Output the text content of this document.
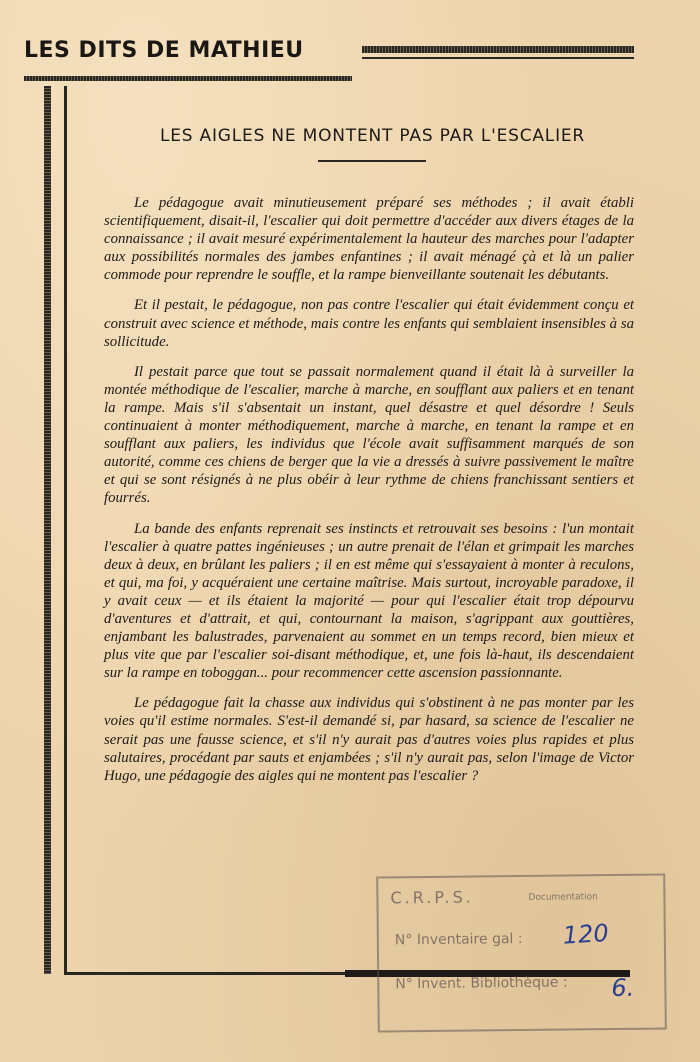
LES DITS DE MATHIEU
LES AIGLES NE MONTENT PAS PAR L'ESCALIER

Le pédagogue avait minutieusement préparé ses méthodes ; il avait établi scientifiquement, disait-il, l'escalier qui doit permettre d'accéder aux divers étages de la connaissance ; il avait mesuré expérimentalement la hauteur des marches pour l'adapter aux possibilités normales des jambes enfantines ; il avait ménagé çà et là un palier commode pour reprendre le souffle, et la rampe bienveillante soutenait les débutants.

Et il pestait, le pédagogue, non pas contre l'escalier qui était évidemment conçu et construit avec science et méthode, mais contre les enfants qui semblaient insensibles à sa sollicitude.

Il pestait parce que tout se passait normalement quand il était là à surveiller la montée méthodique de l'escalier, marche à marche, en soufflant aux paliers et en tenant la rampe. Mais s'il s'absentait un instant, quel désastre et quel désordre ! Seuls continuaient à monter méthodiquement, marche à marche, en tenant la rampe et en soufflant aux paliers, les individus que l'école avait suffisamment marqués de son autorité, comme ces chiens de berger que la vie a dressés à suivre passivement le maître et qui se sont résignés à ne plus obéir à leur rythme de chiens franchissant sentiers et fourrés.

La bande des enfants reprenait ses instincts et retrouvait ses besoins : l'un montait l'escalier à quatre pattes ingénieuses ; un autre prenait de l'élan et grimpait les marches deux à deux, en brûlant les paliers ; il en est même qui s'essayaient à monter à reculons, et qui, ma foi, y acquéraient une certaine maîtrise. Mais surtout, incroyable paradoxe, il y avait ceux — et ils étaient la majorité — pour qui l'escalier était trop dépourvu d'aventures et d'attrait, et qui, contournant la maison, s'agrippant aux gouttières, enjambant les balustrades, parvenaient au sommet en un temps record, bien mieux et plus vite que par l'escalier soi-disant méthodique, et, une fois là-haut, ils descendaient sur la rampe en toboggan... pour recommencer cette ascension passionnante.

Le pédagogue fait la chasse aux individus qui s'obstinent à ne pas monter par les voies qu'il estime normales. S'est-il demandé si, par hasard, sa science de l'escalier ne serait pas une fausse science, et s'il n'y aurait pas d'autres voies plus rapides et plus salutaires, procédant par sauts et enjambées ; s'il n'y aurait pas, selon l'image de Victor Hugo, une pédagogie des aigles qui ne montent pas l'escalier ?

C.R.P.S.	Documentation
N° Inventaire gal : 120
N° Invent. Bibliothèque : 6.
